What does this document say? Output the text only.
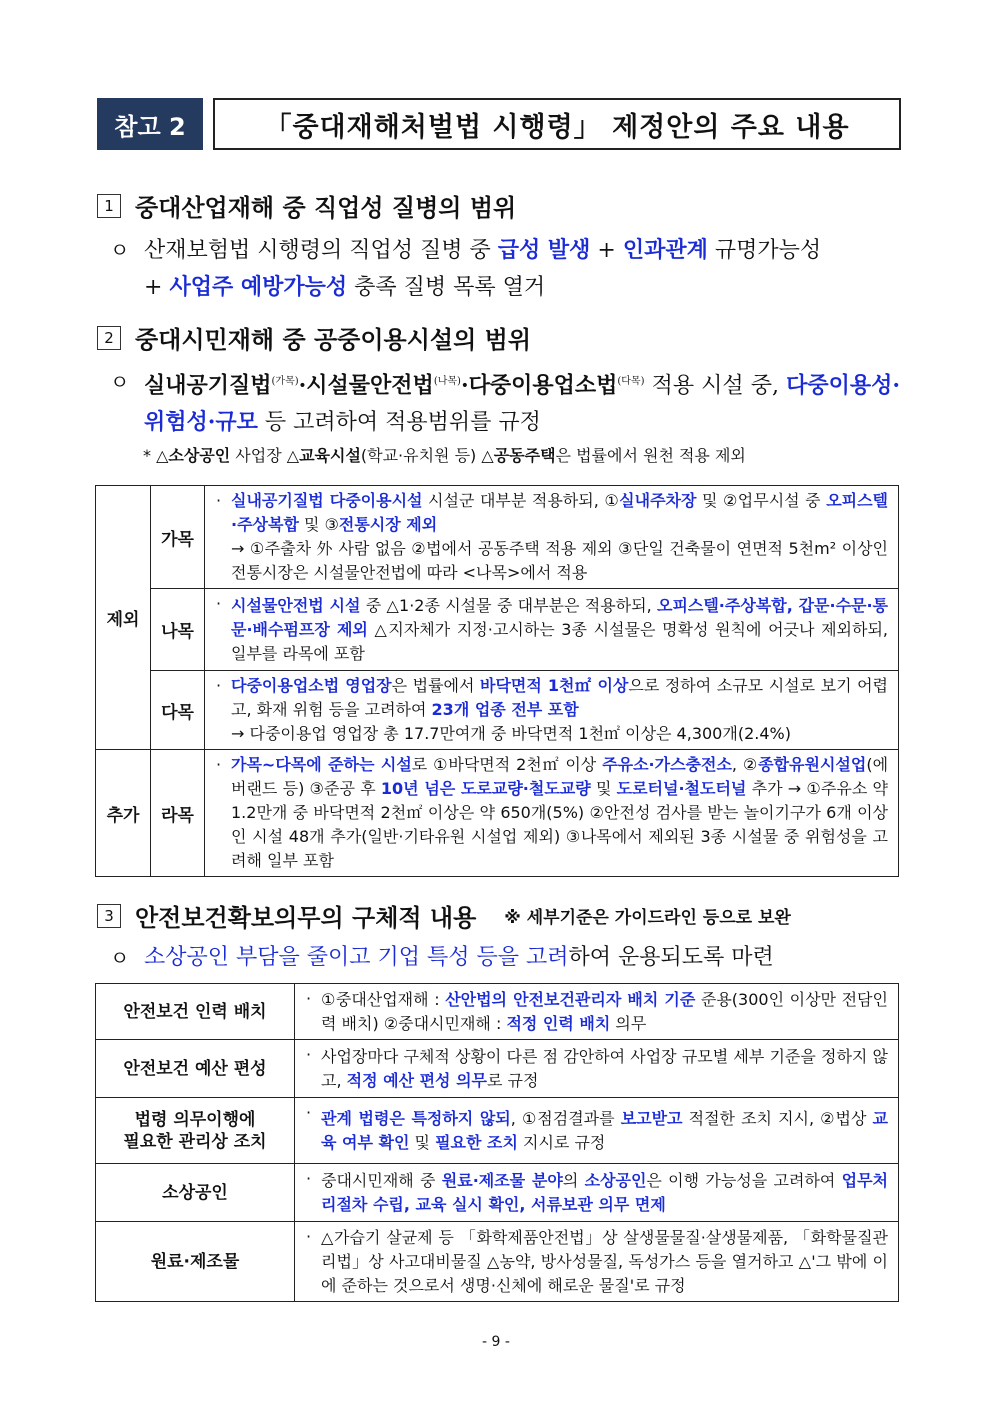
참고 2	「중대재해처벌법 시행령」 제정안의 주요 내용
1 중대산업재해 중 직업성 질병의 범위
ㅇ 산재보험법 시행령의 직업성 질병 중 급성 발생 + 인과관계 규명가능성
+ 사업주 예방가능성 충족 질병 목록 열거
2 중대시민재해 중 공중이용시설의 범위
ㅇ 실내공기질법$^{(가목)}$·시설물안전법$^{(나목)}$·다중이용업소법$^{(다목)}$ 적용 시설 중, 다중이용성·위험성·규모 등 고려하여 적용범위를 규정
* △소상공인 사업장 △교육시설(학교·유치원 등) △공동주택은 법률에서 원천 적용 제외
제외	가목	· 실내공기질법 다중이용시설 시설군 대부분 적용하되, ①실내주차장 및 ②업무시설 중 오피스텔·주상복합 및 ③전통시장 제외
→ ①주출차 外 사람 없음 ②법에서 공동주택 적용 제외 ③단일 건축물이 연면적 5천m² 이상인 전통시장은 시설물안전법에 따라 <나목>에서 적용
	나목	· 시설물안전법 시설 중 △1·2종 시설물 중 대부분은 적용하되, 오피스텔·주상복합, 갑문·수문·통문·배수펌프장 제외 △지자체가 지정·고시하는 3종 시설물은 명확성 원칙에 어긋나 제외하되, 일부를 라목에 포함
	다목	· 다중이용업소법 영업장은 법률에서 바닥면적 1천㎡ 이상으로 정하여 소규모 시설로 보기 어렵고, 화재 위험 등을 고려하여 23개 업종 전부 포함
→ 다중이용업 영업장 총 17.7만여개 중 바닥면적 1천㎡ 이상은 4,300개(2.4%)
추가	라목	· 가목~다목에 준하는 시설로 ①바닥면적 2천㎡ 이상 주유소·가스충전소, ②종합유원시설업(에버랜드 등) ③준공 후 10년 넘은 도로교량·철도교량 및 도로터널·철도터널 추가 → ①주유소 약 1.2만개 중 바닥면적 2천㎡ 이상은 약 650개(5%) ②안전성 검사를 받는 놀이기구가 6개 이상인 시설 48개 추가(일반·기타유원 시설업 제외) ③나목에서 제외된 3종 시설물 중 위험성을 고려해 일부 포함
3 안전보건확보의무의 구체적 내용 ※ 세부기준은 가이드라인 등으로 보완
ㅇ 소상공인 부담을 줄이고 기업 특성 등을 고려하여 운용되도록 마련
안전보건 인력 배치	· ①중대산업재해 : 산안법의 안전보건관리자 배치 기준 준용(300인 이상만 전담인력 배치) ②중대시민재해 : 적정 인력 배치 의무
안전보건 예산 편성	· 사업장마다 구체적 상황이 다른 점 감안하여 사업장 규모별 세부 기준을 정하지 않고, 적정 예산 편성 의무로 규정
법령 의무이행에
필요한 관리상 조치	· 관계 법령은 특정하지 않되, ①점검결과를 보고받고 적절한 조치 지시, ②법상 교육 여부 확인 및 필요한 조치 지시로 규정
소상공인	· 중대시민재해 중 원료·제조물 분야의 소상공인은 이행 가능성을 고려하여 업무처리절차 수립, 교육 실시 확인, 서류보관 의무 면제
원료·제조물	· △가습기 살균제 등 「화학제품안전법」상 살생물물질·살생물제품, 「화학물질관리법」상 사고대비물질 △농약, 방사성물질, 독성가스 등을 열거하고 △'그 밖에 이에 준하는 것으로서 생명·신체에 해로운 물질'로 규정
- 9 -
